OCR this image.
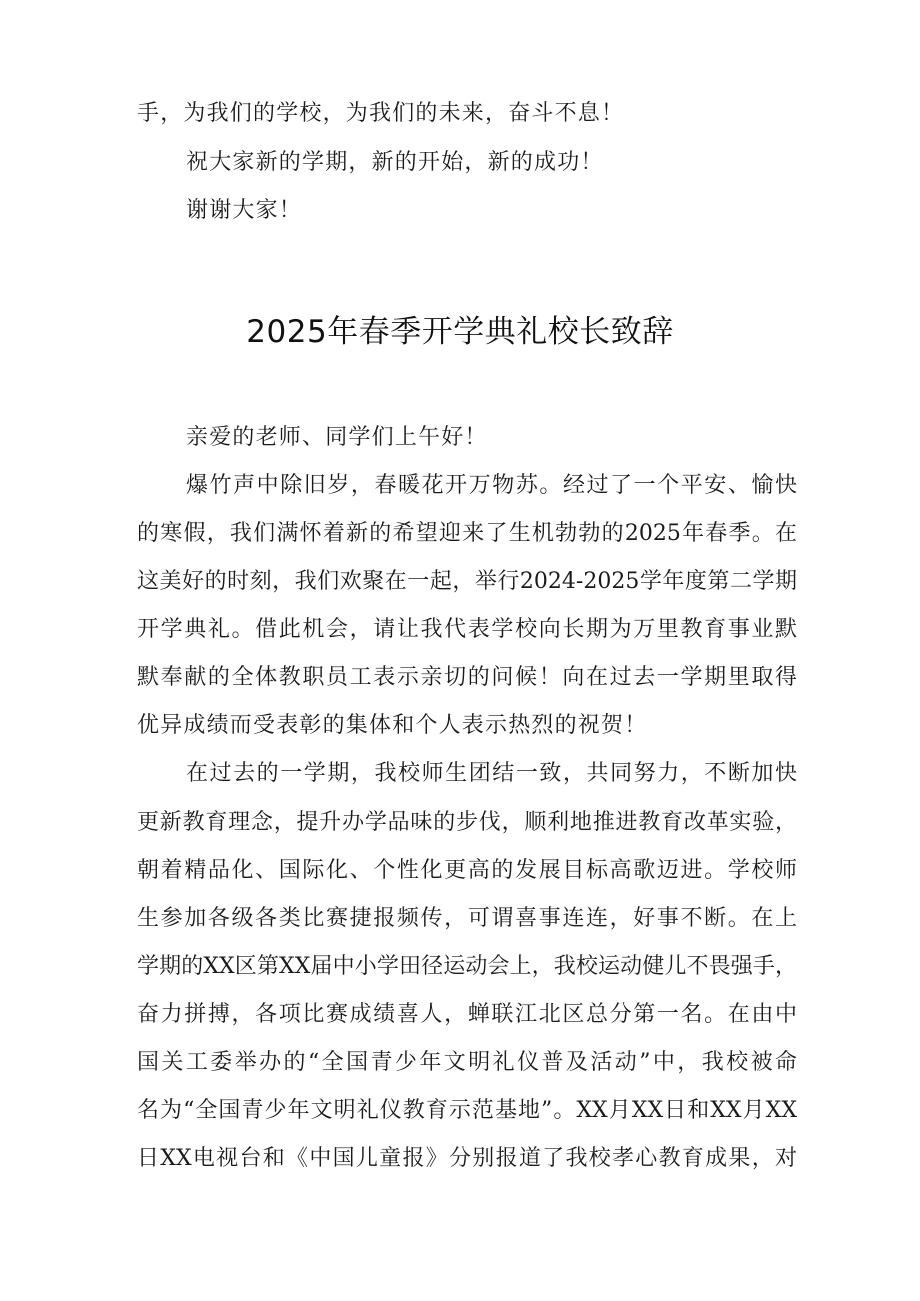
手，为我们的学校，为我们的未来，奋斗不息！
祝大家新的学期，新的开始，新的成功！
谢谢大家！
2025年春季开学典礼校长致辞
亲爱的老师、同学们上午好！
爆竹声中除旧岁，春暖花开万物苏。经过了一个平安、愉快
的寒假，我们满怀着新的希望迎来了生机勃勃的2025年春季。在
这美好的时刻，我们欢聚在一起，举行2024-2025学年度第二学期
开学典礼。借此机会，请让我代表学校向长期为万里教育事业默
默奉献的全体教职员工表示亲切的问候！向在过去一学期里取得
优异成绩而受表彰的集体和个人表示热烈的祝贺！
在过去的一学期，我校师生团结一致，共同努力，不断加快
更新教育理念，提升办学品味的步伐，顺利地推进教育改革实验，
朝着精品化、国际化、个性化更高的发展目标高歌迈进。学校师
生参加各级各类比赛捷报频传，可谓喜事连连，好事不断。在上
学期的XX区第XX届中小学田径运动会上，我校运动健儿不畏强手，
奋力拼搏，各项比赛成绩喜人，蝉联江北区总分第一名。在由中
国关工委举办的“全国青少年文明礼仪普及活动”中，我校被命
名为“全国青少年文明礼仪教育示范基地”。XX月XX日和XX月XX
日XX电视台和《中国儿童报》分别报道了我校孝心教育成果，对
